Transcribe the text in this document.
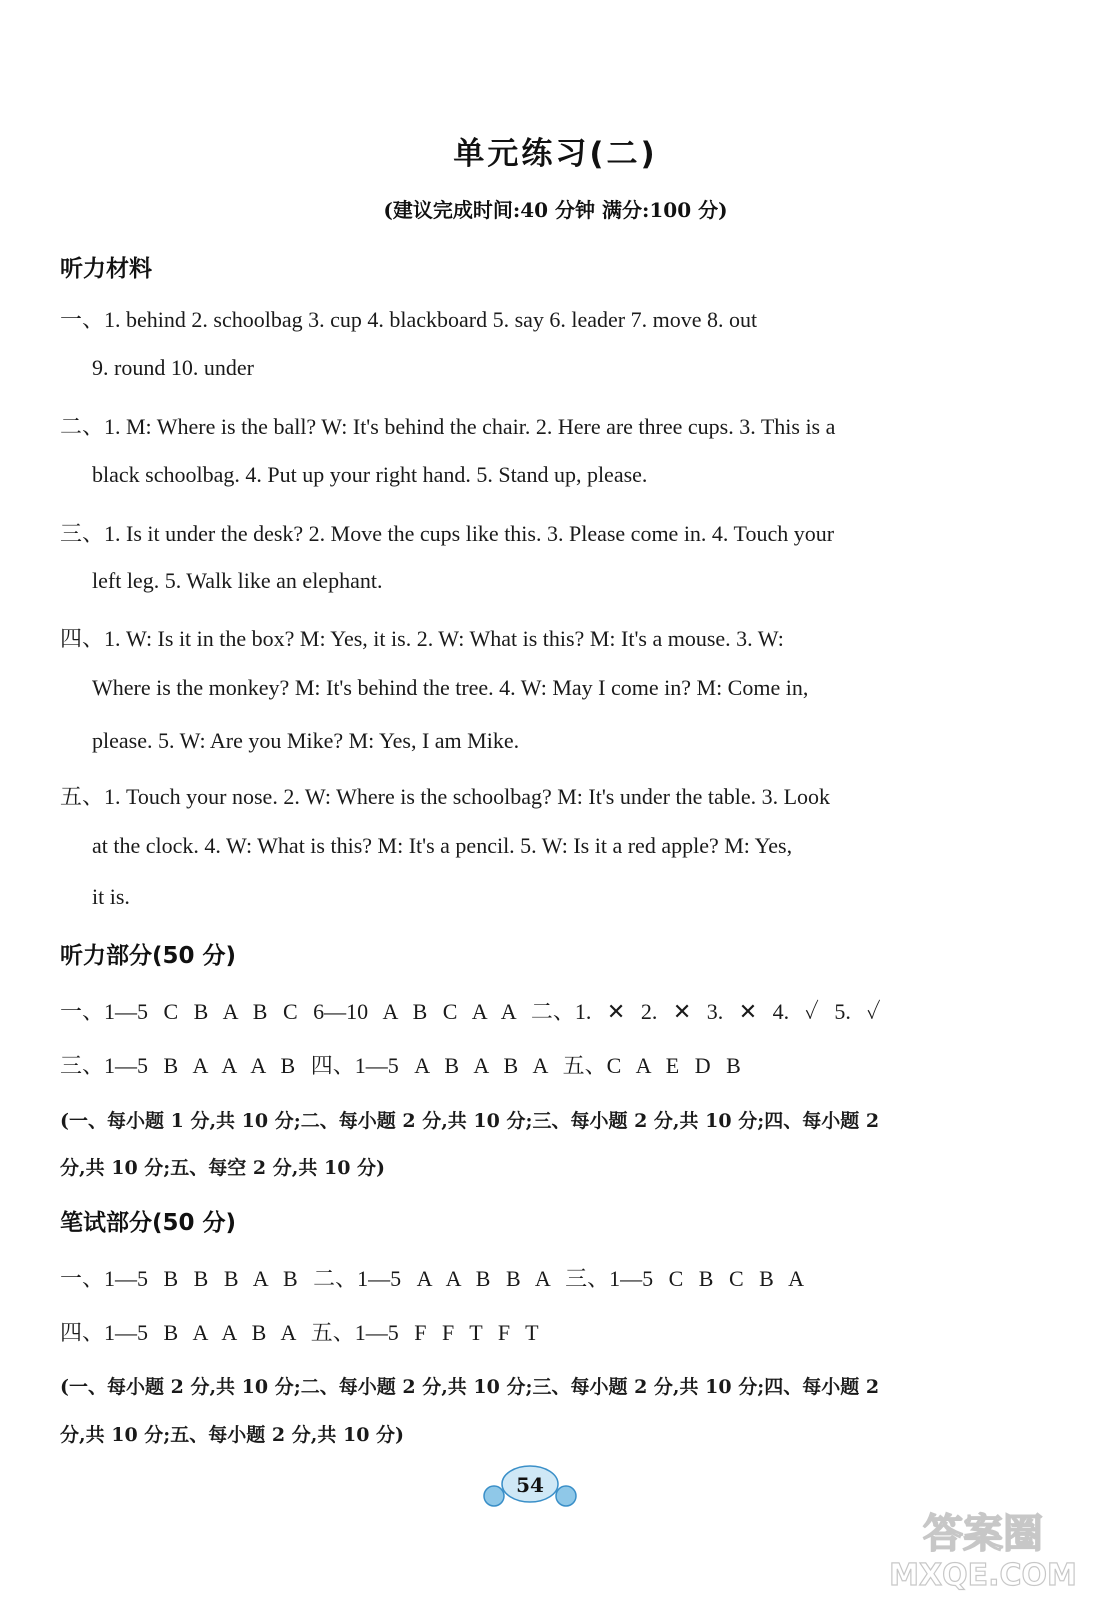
单元练习(二)
(建议完成时间:40 分钟 满分:100 分)
听力材料
一、1. behind 2. schoolbag 3. cup 4. blackboard 5. say 6. leader 7. move 8. out
9. round 10. under
二、1. M: Where is the ball? W: It's behind the chair. 2. Here are three cups. 3. This is a
black schoolbag. 4. Put up your right hand. 5. Stand up, please.
三、1. Is it under the desk? 2. Move the cups like this. 3. Please come in. 4. Touch your
left leg. 5. Walk like an elephant.
四、1. W: Is it in the box? M: Yes, it is. 2. W: What is this? M: It's a mouse. 3. W:
Where is the monkey? M: It's behind the tree. 4. W: May I come in? M: Come in,
please. 5. W: Are you Mike? M: Yes, I am Mike.
五、1. Touch your nose. 2. W: Where is the schoolbag? M: It's under the table. 3. Look
at the clock. 4. W: What is this? M: It's a pencil. 5. W: Is it a red apple? M: Yes,
it is.
听力部分(50 分)
一、1—5 C B A B C 6—10 A B C A A 二、1. ✕ 2. ✕ 3. ✕ 4. ✓ 5. ✓
三、1—5 B A A A B 四、1—5 A B A B A 五、C A E D B
(一、每小题 1 分,共 10 分;二、每小题 2 分,共 10 分;三、每小题 2 分,共 10 分;四、每小题 2
分,共 10 分;五、每空 2 分,共 10 分)
笔试部分(50 分)
一、1—5 B B B A B 二、1—5 A A B B A 三、1—5 C B C B A
四、1—5 B A A B A 五、1—5 F F T F T
(一、每小题 2 分,共 10 分;二、每小题 2 分,共 10 分;三、每小题 2 分,共 10 分;四、每小题 2
分,共 10 分;五、每小题 2 分,共 10 分)
54
答案圈
MXQE.COM
